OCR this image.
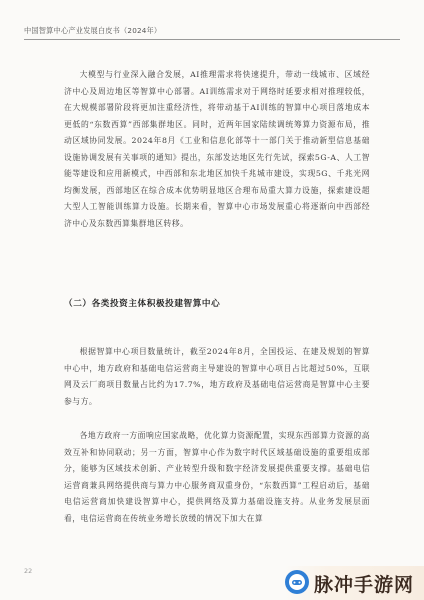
中国智算中心产业发展白皮书（2024年）

大模型与行业深入融合发展，AI推理需求将快速提升，带动一线城市、区域经济中心及周边地区等智算中心部署。AI训练需求对于网络时延要求相对推理较低，在大规模部署阶段将更加注重经济性，将带动基于AI训练的智算中心项目落地成本更低的“东数西算”西部集群地区。同时，近两年国家陆续调统筹算力资源布局，推动区域协同发展。2024年8月《工业和信息化部等十一部门关于推动新型信息基础设施协调发展有关事项的通知》提出，东部发达地区先行先试，探索5G-A、人工智能等建设和应用新模式，中西部和东北地区加快千兆城市建设，实现5G、千兆光网均衡发展，西部地区在综合成本优势明显地区合理布局重大算力设施，探索建设超大型人工智能训练算力设施。长期来看，智算中心市场发展重心将逐渐向中西部经济中心及东数西算集群地区转移。

（二）各类投资主体积极投建智算中心

根据智算中心项目数量统计，截至2024年8月，全国投运、在建及规划的智算中心中，地方政府和基础电信运营商主导建设的智算中心项目占比超过50%，互联网及云厂商项目数量占比约为17.7%，地方政府及基础电信运营商是智算中心主要参与方。

各地方政府一方面响应国家战略，优化算力资源配置，实现东西部算力资源的高效互补和协同联动；另一方面，智算中心作为数字时代区域基础设施的重要组成部分，能够为区域技术创新、产业转型升级和数字经济发展提供重要支撑。基础电信运营商兼具网络提供商与算力中心服务商双重身份，“东数西算”工程启动后，基础电信运营商加快建设智算中心，提供网络及算力基础设施支持。从业务发展层面看，电信运营商在传统业务增长放缓的情况下加大在算

22
脉冲手游网
